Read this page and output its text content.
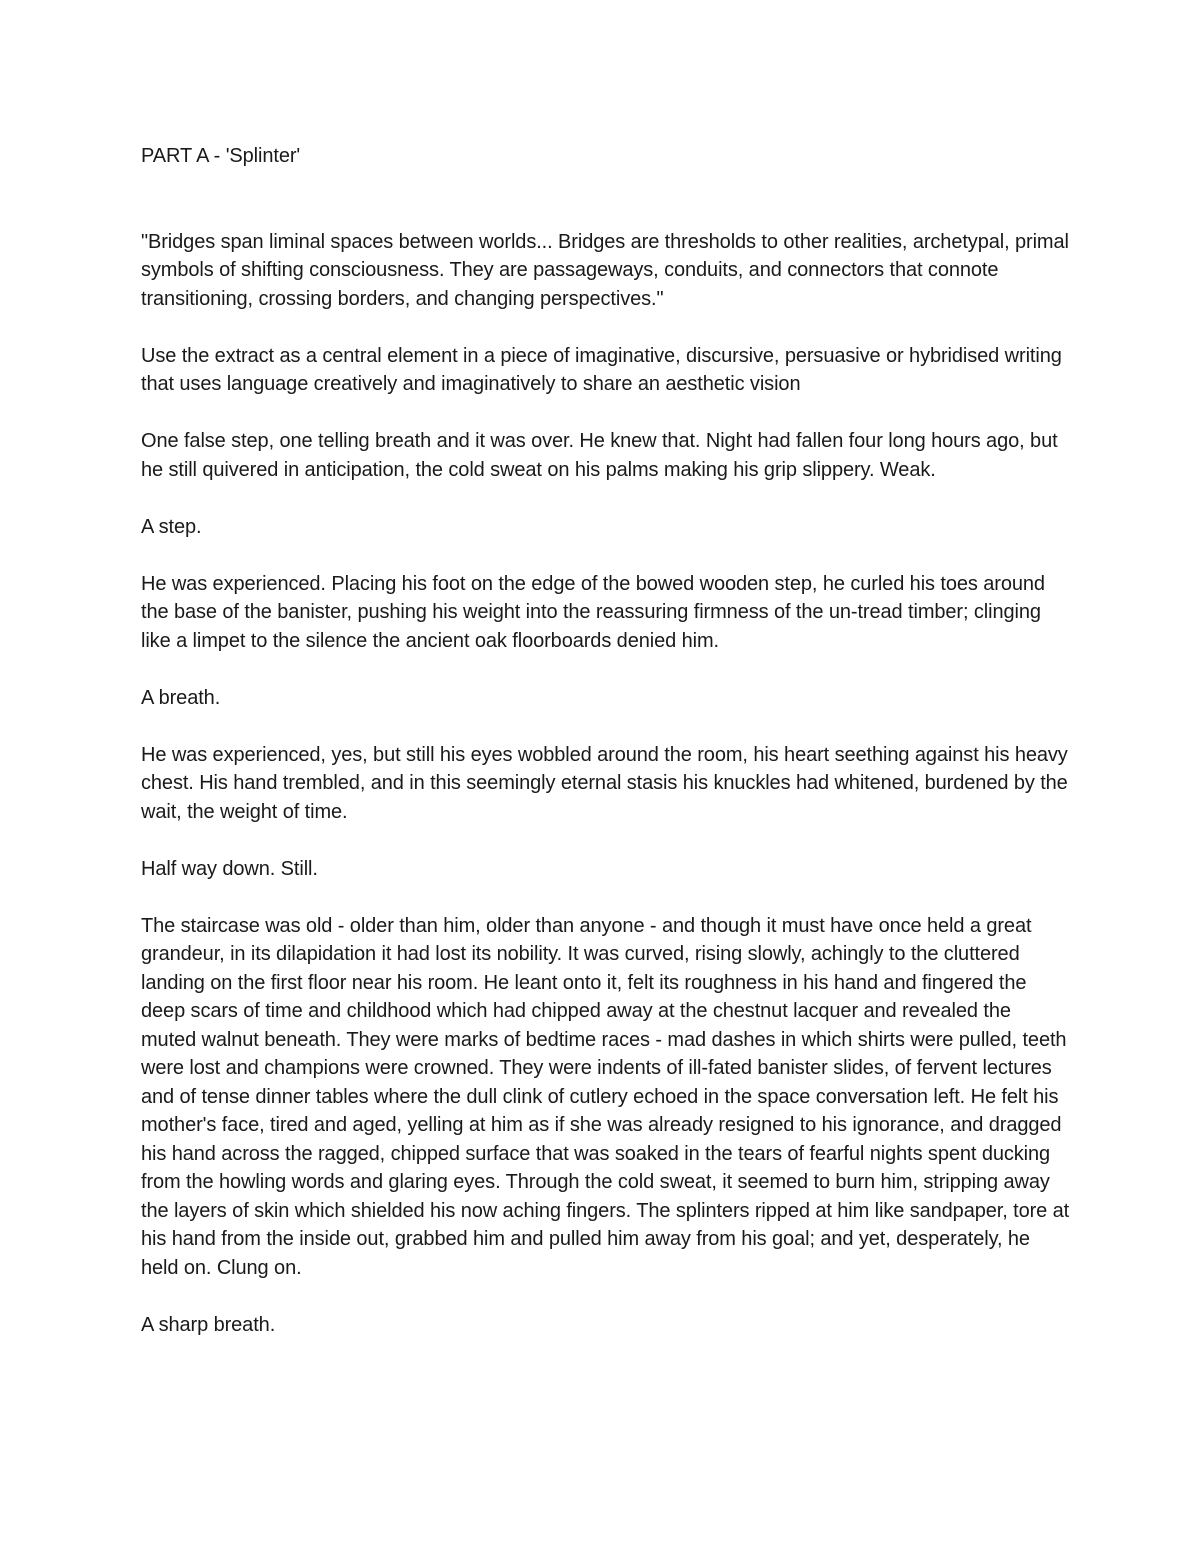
PART A - 'Splinter'

"Bridges span liminal spaces between worlds... Bridges are thresholds to other realities, archetypal, primal symbols of shifting consciousness. They are passageways, conduits, and connectors that connote transitioning, crossing borders, and changing perspectives."

Use the extract as a central element in a piece of imaginative, discursive, persuasive or hybridised writing that uses language creatively and imaginatively to share an aesthetic vision

One false step, one telling breath and it was over. He knew that. Night had fallen four long hours ago, but he still quivered in anticipation, the cold sweat on his palms making his grip slippery. Weak.

A step.

He was experienced. Placing his foot on the edge of the bowed wooden step, he curled his toes around the base of the banister, pushing his weight into the reassuring firmness of the un-tread timber; clinging like a limpet to the silence the ancient oak floorboards denied him.

A breath.

He was experienced, yes, but still his eyes wobbled around the room, his heart seething against his heavy chest. His hand trembled, and in this seemingly eternal stasis his knuckles had whitened, burdened by the wait, the weight of time.

Half way down. Still.

The staircase was old - older than him, older than anyone - and though it must have once held a great grandeur, in its dilapidation it had lost its nobility. It was curved, rising slowly, achingly to the cluttered landing on the first floor near his room. He leant onto it, felt its roughness in his hand and fingered the deep scars of time and childhood which had chipped away at the chestnut lacquer and revealed the muted walnut beneath. They were marks of bedtime races - mad dashes in which shirts were pulled, teeth were lost and champions were crowned. They were indents of ill-fated banister slides, of fervent lectures and of tense dinner tables where the dull clink of cutlery echoed in the space conversation left. He felt his mother's face, tired and aged, yelling at him as if she was already resigned to his ignorance, and dragged his hand across the ragged, chipped surface that was soaked in the tears of fearful nights spent ducking from the howling words and glaring eyes. Through the cold sweat, it seemed to burn him, stripping away the layers of skin which shielded his now aching fingers. The splinters ripped at him like sandpaper, tore at his hand from the inside out, grabbed him and pulled him away from his goal; and yet, desperately, he held on. Clung on.

A sharp breath.
